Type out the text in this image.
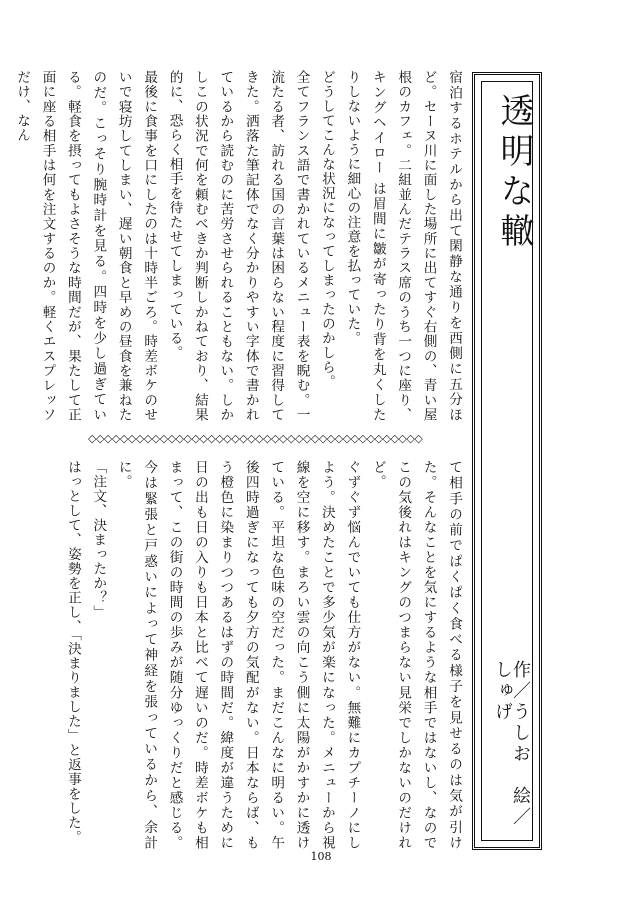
透明な轍
作／うしお　絵／しゅげ

宿泊するホテルから出て閑静な通りを西側に五分ほど。セーヌ川に面した場所に出てすぐ右側の、青い屋根のカフェ。二組並んだテラス席のうち一つに座り、キングヘイロー は眉間に皺が寄ったり背を丸くしたりしないように細心の注意を払っていた。

どうしてこんな状況になってしまったのかしら。

全てフランス語で書かれているメニュー表を睨む。一流たる者、訪れる国の言葉は困らない程度に習得してきた。洒落た筆記体でなく分かりやすい字体で書かれているから読むのに苦労させられることもない。しかしこの状況で何を頼むべきか判断しかねており、結果的に、恐らく相手を待たせてしまっている。

最後に食事を口にしたのは十時半ごろ。時差ボケのせいで寝坊してしまい、遅い朝食と早めの昼食を兼ねたのだ。こっそり腕時計を見る。四時を少し過ぎている。軽食を摂ってもよさそうな時間だが、果たして正面に座る相手は何を注文するのか。軽くエスプレッソだけ、なん

◇◇◇◇◇◇◇◇◇◇◇◇◇◇◇◇◇◇◇◇◇◇◇◇◇◇◇◇◇◇◇◇◇◇◇◇◇◇◇◇◇◇

て相手の前でぱくぱく食べる様子を見せるのは気が引けた。そんなことを気にするような相手ではないし、なのでこの気後れはキングのつまらない見栄でしかないのだけれど。

ぐずぐず悩んでいても仕方がない。無難にカプチーノにしよう。決めたことで多少気が楽になった。メニューから視線を空に移す。まろい雲の向こう側に太陽がかすかに透けている。平坦な色味の空だった。まだこんなに明るい。午後四時過ぎになっても夕方の気配がない。日本ならば、もう橙色に染まりつつあるはずの時間だ。緯度が違うために日の出も日の入りも日本と比べて遅いのだ。時差ボケも相まって、この街の時間の歩みが随分ゆっくりだと感じる。今は緊張と戸惑いによって神経を張っているから、余計に。

「注文、決まったか？」

はっとして、姿勢を正し、「決まりました」と返事をした。

108
